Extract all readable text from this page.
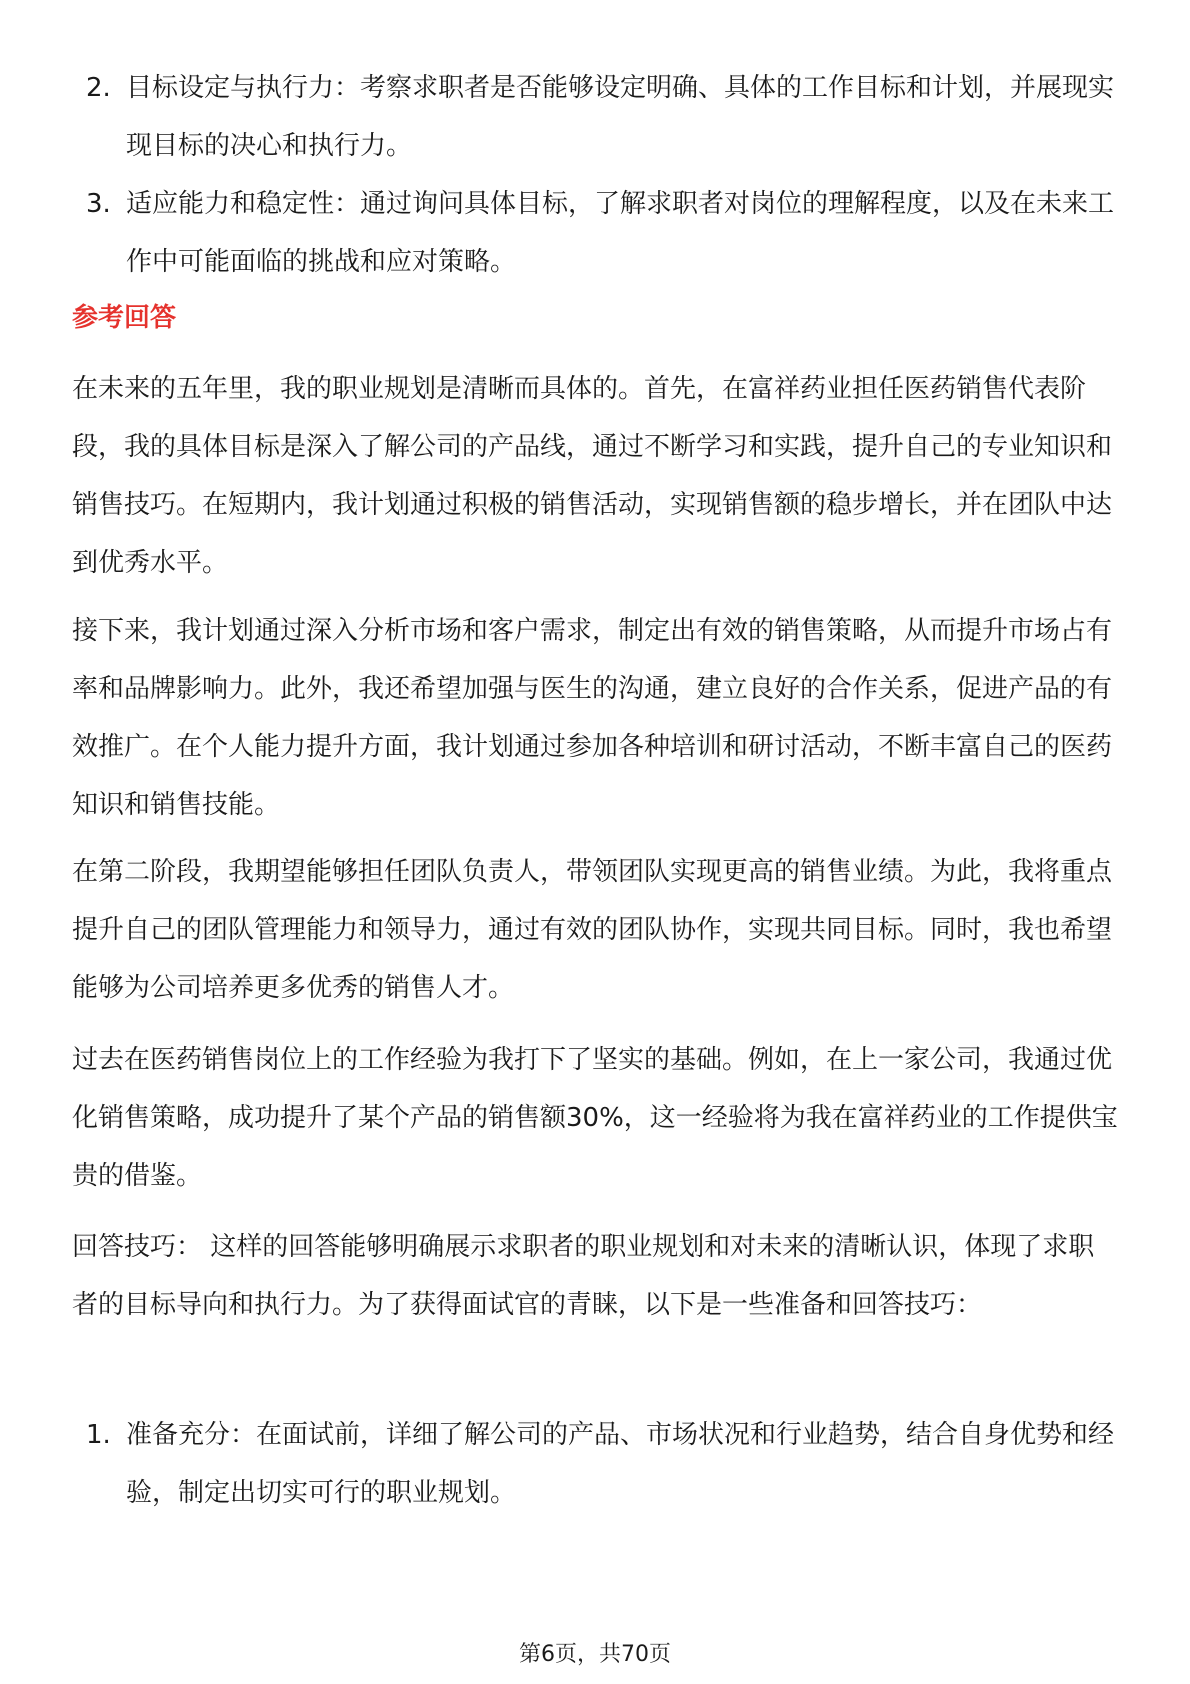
2. 目标设定与执行力：考察求职者是否能够设定明确、具体的工作目标和计划，并展现实现目标的决心和执行力。
3. 适应能力和稳定性：通过询问具体目标，了解求职者对岗位的理解程度，以及在未来工作中可能面临的挑战和应对策略。
参考回答

在未来的五年里，我的职业规划是清晰而具体的。首先，在富祥药业担任医药销售代表阶段，我的具体目标是深入了解公司的产品线，通过不断学习和实践，提升自己的专业知识和销售技巧。在短期内，我计划通过积极的销售活动，实现销售额的稳步增长，并在团队中达到优秀水平。

接下来，我计划通过深入分析市场和客户需求，制定出有效的销售策略，从而提升市场占有率和品牌影响力。此外，我还希望加强与医生的沟通，建立良好的合作关系，促进产品的有效推广。在个人能力提升方面，我计划通过参加各种培训和研讨活动，不断丰富自己的医药知识和销售技能。

在第二阶段，我期望能够担任团队负责人，带领团队实现更高的销售业绩。为此，我将重点提升自己的团队管理能力和领导力，通过有效的团队协作，实现共同目标。同时，我也希望能够为公司培养更多优秀的销售人才。

过去在医药销售岗位上的工作经验为我打下了坚实的基础。例如，在上一家公司，我通过优化销售策略，成功提升了某个产品的销售额30%，这一经验将为我在富祥药业的工作提供宝贵的借鉴。

回答技巧： 这样的回答能够明确展示求职者的职业规划和对未来的清晰认识，体现了求职者的目标导向和执行力。为了获得面试官的青睐，以下是一些准备和回答技巧：

1. 准备充分：在面试前，详细了解公司的产品、市场状况和行业趋势，结合自身优势和经验，制定出切实可行的职业规划。
第6页，共70页
